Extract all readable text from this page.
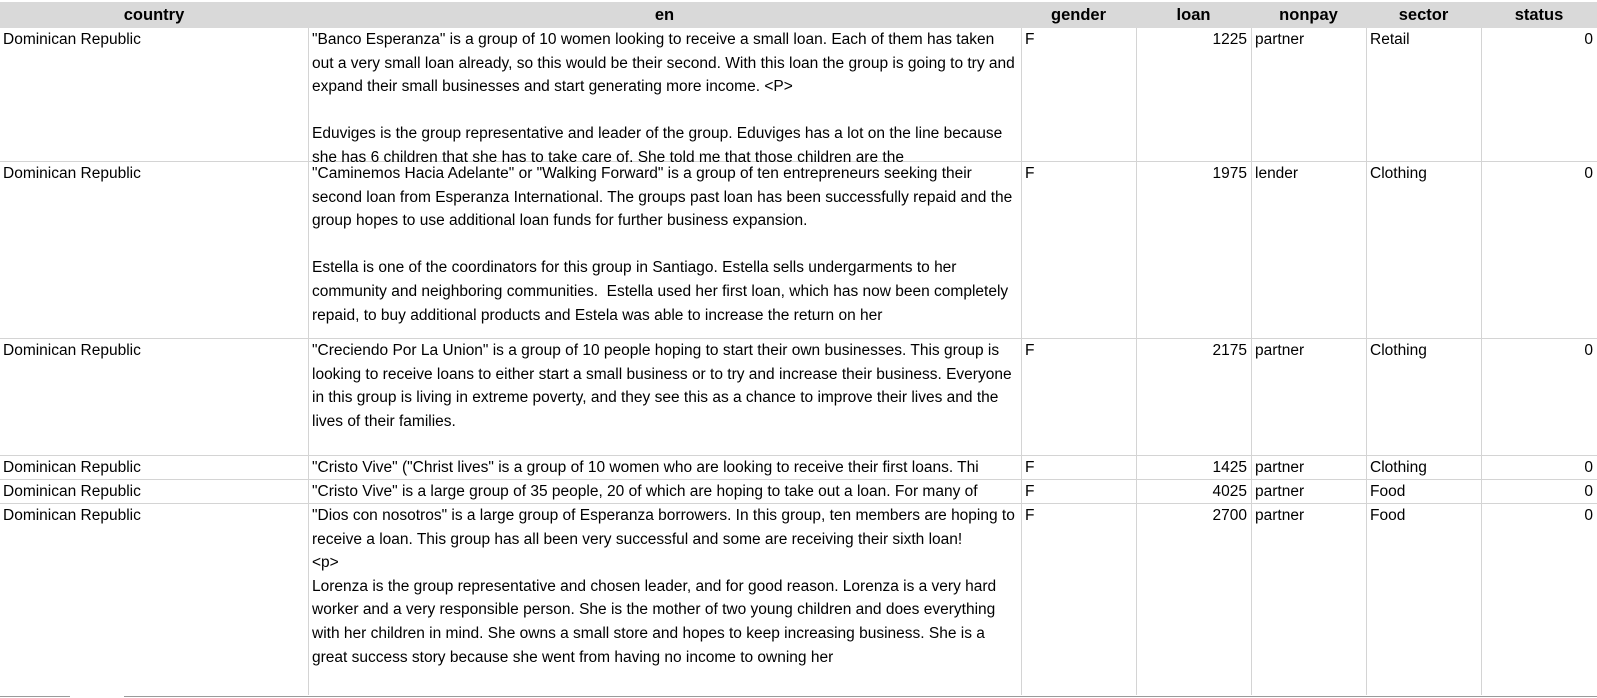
country	en	gender	loan	nonpay	sector	status
Dominican Republic	"Banco Esperanza" is a group of 10 women looking to receive a small loan. Each of them has taken out a very small loan already, so this would be their second. With this loan the group is going to try and expand their small businesses and start generating more income. <P>

Eduviges is the group representative and leader of the group. Eduviges has a lot on the line because she has 6 children that she has to take care of. She told me that those children are the
F	1225 partner	Retail	0
Dominican Republic	"Caminemos Hacia Adelante" or "Walking Forward" is a group of ten entrepreneurs seeking their second loan from Esperanza International. The groups past loan has been successfully repaid and the group hopes to use additional loan funds for further business expansion.

Estella is one of the coordinators for this group in Santiago. Estella sells undergarments to her community and neighboring communities.  Estella used her first loan, which has now been completely repaid, to buy additional products and Estela was able to increase the return on her
F	1975 lender	Clothing	0
Dominican Republic	"Creciendo Por La Union" is a group of 10 people hoping to start their own businesses. This group is looking to receive loans to either start a small business or to try and increase their business. Everyone in this group is living in extreme poverty, and they see this as a chance to improve their lives and the lives of their families.
F	2175 partner	Clothing	0
Dominican Republic	"Cristo Vive" ("Christ lives" is a group of 10 women who are looking to receive their first loans. Thi	F	1425 partner	Clothing	0
Dominican Republic	"Cristo Vive" is a large group of 35 people, 20 of which are hoping to take out a loan. For many of	F	4025 partner	Food	0
Dominican Republic	"Dios con nosotros" is a large group of Esperanza borrowers. In this group, ten members are hoping to receive a loan. This group has all been very successful and some are receiving their sixth loan!
<p>
Lorenza is the group representative and chosen leader, and for good reason. Lorenza is a very hard worker and a very responsible person. She is the mother of two young children and does everything with her children in mind. She owns a small store and hopes to keep increasing business. She is a great success story because she went from having no income to owning her
F	2700 partner	Food	0
